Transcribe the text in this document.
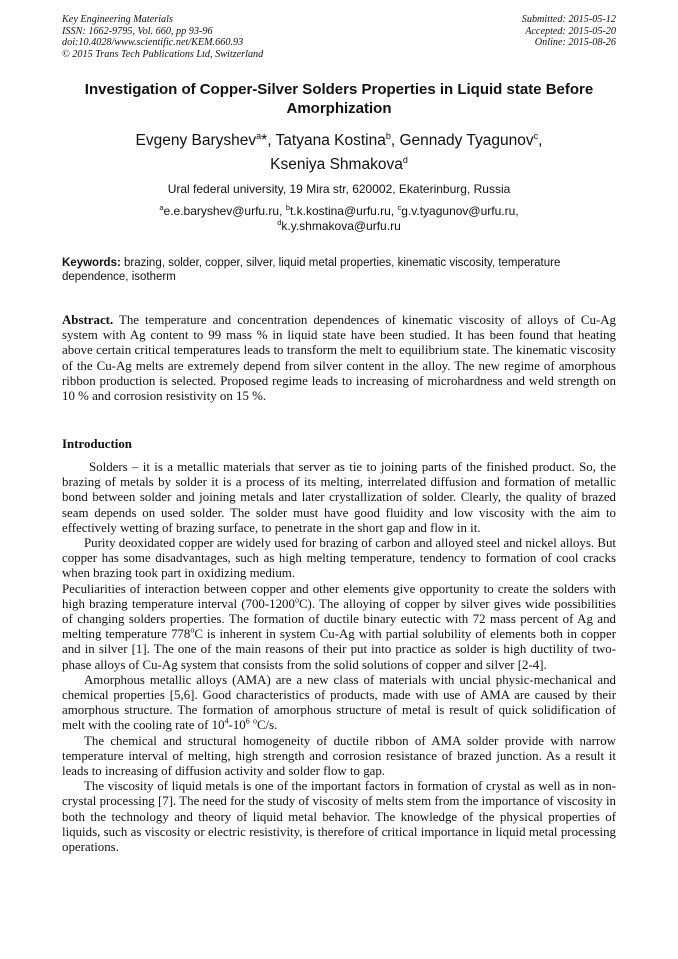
Key Engineering Materials
ISSN: 1662-9795, Vol. 660, pp 93-96
doi:10.4028/www.scientific.net/KEM.660.93
© 2015 Trans Tech Publications Ltd, Switzerland
Submitted: 2015-05-12
Accepted: 2015-05-20
Online: 2015-08-26
Investigation of Copper-Silver Solders Properties in Liquid state Before Amorphization
Evgeny Baryshev$^a$*, Tatyana Kostina$^b$, Gennady Tyagunov$^c$,
Kseniya Shmakova$^d$
Ural federal university, 19 Mira str, 620002, Ekaterinburg, Russia
$^a$e.e.baryshev@urfu.ru, $^b$t.k.kostina@urfu.ru, $^c$g.v.tyagunov@urfu.ru,
$^d$k.y.shmakova@urfu.ru
Keywords: brazing, solder, copper, silver, liquid metal properties, kinematic viscosity, temperature dependence, isotherm
Abstract. The temperature and concentration dependences of kinematic viscosity of alloys of Cu-Ag system with Ag content to 99 mass % in liquid state have been studied. It has been found that heating above certain critical temperatures leads to transform the melt to equilibrium state. The kinematic viscosity of the Cu-Ag melts are extremely depend from silver content in the alloy. The new regime of amorphous ribbon production is selected. Proposed regime leads to increasing of microhardness and weld strength on 10 % and corrosion resistivity on 15 %.
Introduction

Solders – it is a metallic materials that server as tie to joining parts of the finished product. So, the brazing of metals by solder it is a process of its melting, interrelated diffusion and formation of metallic bond between solder and joining metals and later crystallization of solder. Clearly, the quality of brazed seam depends on used solder. The solder must have good fluidity and low viscosity with the aim to effectively wetting of brazing surface, to penetrate in the short gap and flow in it.

Purity deoxidated copper are widely used for brazing of carbon and alloyed steel and nickel alloys. But copper has some disadvantages, such as high melting temperature, tendency to formation of cool cracks when brazing took part in oxidizing medium.

Peculiarities of interaction between copper and other elements give opportunity to create the solders with high brazing temperature interval (700-1200$^o$C). The alloying of copper by silver gives wide possibilities of changing solders properties. The formation of ductile binary eutectic with 72 mass percent of Ag and melting temperature 778$^o$C is inherent in system Cu-Ag with partial solubility of elements both in copper and in silver [1]. The one of the main reasons of their put into practice as solder is high ductility of two-phase alloys of Cu-Ag system that consists from the solid solutions of copper and silver [2-4].

Amorphous metallic alloys (AMA) are a new class of materials with uncial physic-mechanical and chemical properties [5,6]. Good characteristics of products, made with use of AMA are caused by their amorphous structure. The formation of amorphous structure of metal is result of quick solidification of melt with the cooling rate of $10^4-10^6$ $^o$C/s.

The chemical and structural homogeneity of ductile ribbon of AMA solder provide with narrow temperature interval of melting, high strength and corrosion resistance of brazed junction. As a result it leads to increasing of diffusion activity and solder flow to gap.

The viscosity of liquid metals is one of the important factors in formation of crystal as well as in non-crystal processing [7]. The need for the study of viscosity of melts stem from the importance of viscosity in both the technology and theory of liquid metal behavior. The knowledge of the physical properties of liquids, such as viscosity or electric resistivity, is therefore of critical importance in liquid metal processing operations.
